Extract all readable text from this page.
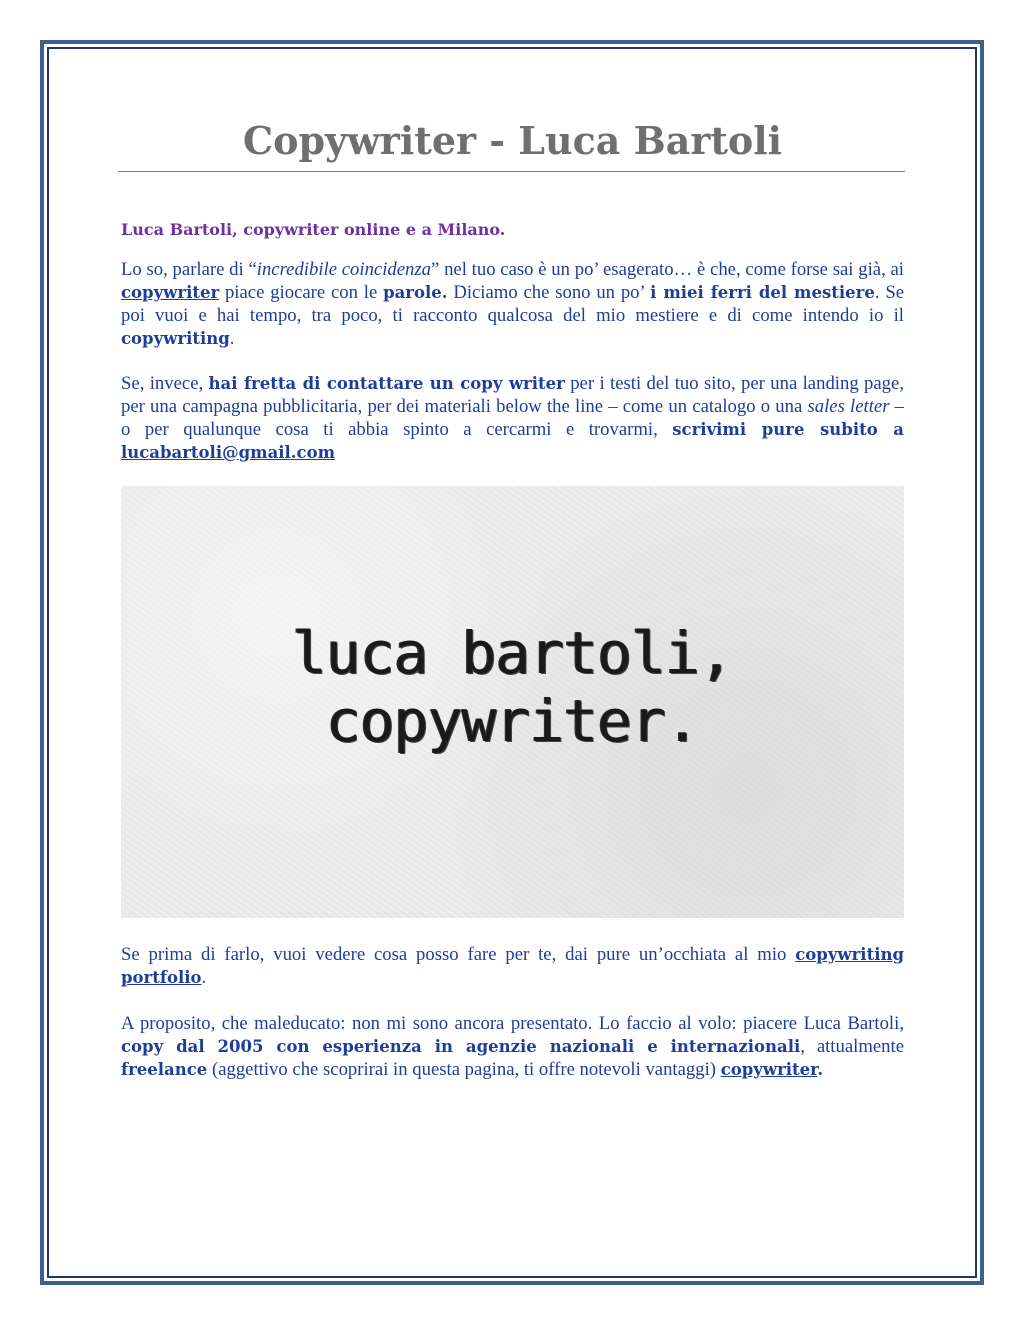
Copywriter - Luca Bartoli

Luca Bartoli, copywriter online e a Milano.

Lo so, parlare di “incredibile coincidenza” nel tuo caso è un po’ esagerato… è che, come forse sai già, ai copywriter piace giocare con le parole. Diciamo che sono un po’ i miei ferri del mestiere. Se poi vuoi e hai tempo, tra poco, ti racconto qualcosa del mio mestiere e di come intendo io il copywriting.

Se, invece, hai fretta di contattare un copy writer per i testi del tuo sito, per una landing page, per una campagna pubblicitaria, per dei materiali below the line – come un catalogo o una sales letter – o per qualunque cosa ti abbia spinto a cercarmi e trovarmi, scrivimi pure subito a lucabartoli@gmail.com

luca bartoli,

copywriter.

Se prima di farlo, vuoi vedere cosa posso fare per te, dai pure un’occhiata al mio copywriting portfolio.

A proposito, che maleducato: non mi sono ancora presentato. Lo faccio al volo: piacere Luca Bartoli, copy dal 2005 con esperienza in agenzie nazionali e internazionali, attualmente freelance (aggettivo che scoprirai in questa pagina, ti offre notevoli vantaggi) copywriter.
